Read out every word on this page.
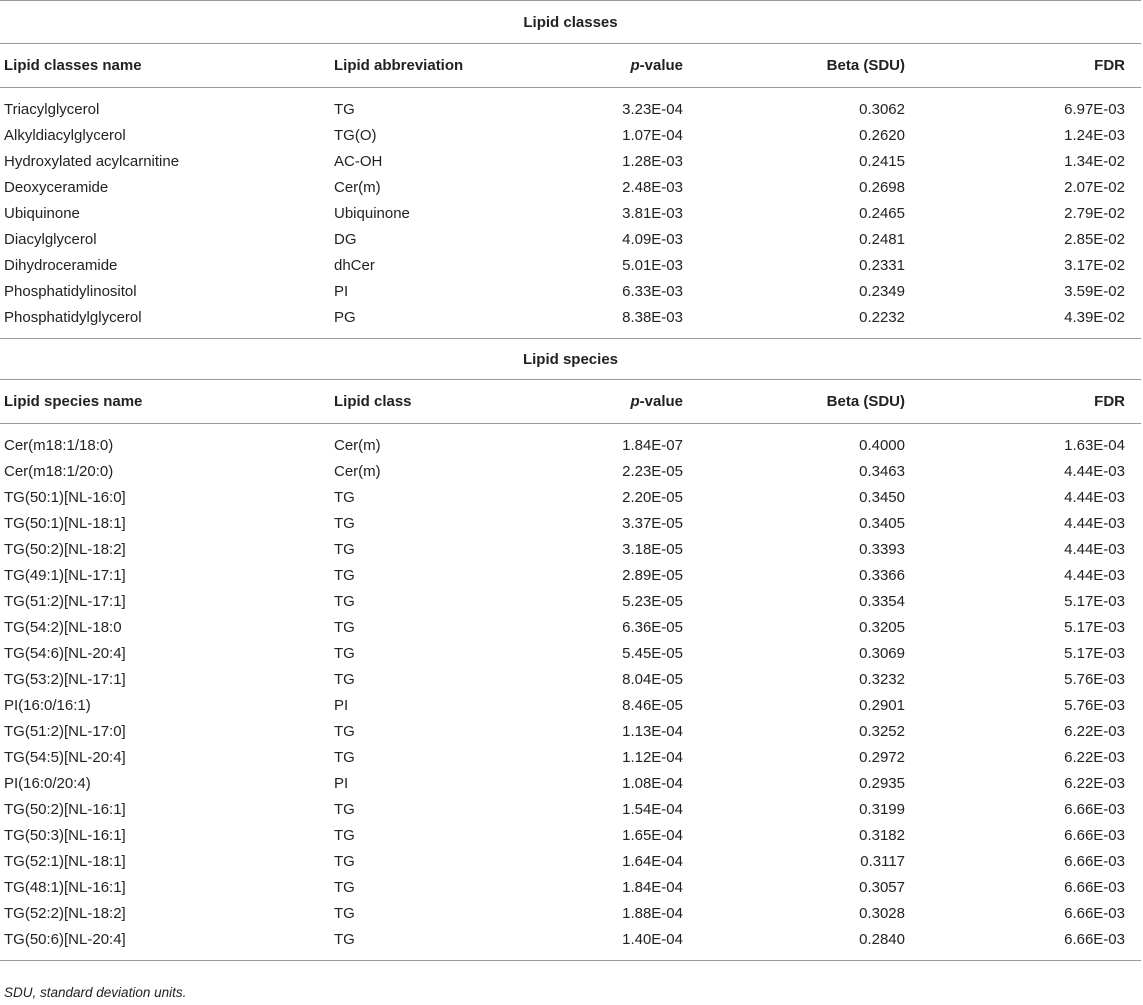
Lipid classes				
Lipid classes name	Lipid abbreviation	p-value	Beta (SDU)	FDR
Triacylglycerol	TG	3.23E-04	0.3062	6.97E-03
Alkyldiacylglycerol	TG(O)	1.07E-04	0.2620	1.24E-03
Hydroxylated acylcarnitine	AC-OH	1.28E-03	0.2415	1.34E-02
Deoxyceramide	Cer(m)	2.48E-03	0.2698	2.07E-02
Ubiquinone	Ubiquinone	3.81E-03	0.2465	2.79E-02
Diacylglycerol	DG	4.09E-03	0.2481	2.85E-02
Dihydroceramide	dhCer	5.01E-03	0.2331	3.17E-02
Phosphatidylinositol	PI	6.33E-03	0.2349	3.59E-02
Phosphatidylglycerol	PG	8.38E-03	0.2232	4.39E-02
Lipid species				
Lipid species name	Lipid class	p-value	Beta (SDU)	FDR
Cer(m18:1/18:0)	Cer(m)	1.84E-07	0.4000	1.63E-04
Cer(m18:1/20:0)	Cer(m)	2.23E-05	0.3463	4.44E-03
TG(50:1)[NL-16:0]	TG	2.20E-05	0.3450	4.44E-03
TG(50:1)[NL-18:1]	TG	3.37E-05	0.3405	4.44E-03
TG(50:2)[NL-18:2]	TG	3.18E-05	0.3393	4.44E-03
TG(49:1)[NL-17:1]	TG	2.89E-05	0.3366	4.44E-03
TG(51:2)[NL-17:1]	TG	5.23E-05	0.3354	5.17E-03
TG(54:2)[NL-18:0	TG	6.36E-05	0.3205	5.17E-03
TG(54:6)[NL-20:4]	TG	5.45E-05	0.3069	5.17E-03
TG(53:2)[NL-17:1]	TG	8.04E-05	0.3232	5.76E-03
PI(16:0/16:1)	PI	8.46E-05	0.2901	5.76E-03
TG(51:2)[NL-17:0]	TG	1.13E-04	0.3252	6.22E-03
TG(54:5)[NL-20:4]	TG	1.12E-04	0.2972	6.22E-03
PI(16:0/20:4)	PI	1.08E-04	0.2935	6.22E-03
TG(50:2)[NL-16:1]	TG	1.54E-04	0.3199	6.66E-03
TG(50:3)[NL-16:1]	TG	1.65E-04	0.3182	6.66E-03
TG(52:1)[NL-18:1]	TG	1.64E-04	0.3117	6.66E-03
TG(48:1)[NL-16:1]	TG	1.84E-04	0.3057	6.66E-03
TG(52:2)[NL-18:2]	TG	1.88E-04	0.3028	6.66E-03
TG(50:6)[NL-20:4]	TG	1.40E-04	0.2840	6.66E-03
SDU, standard deviation units.
